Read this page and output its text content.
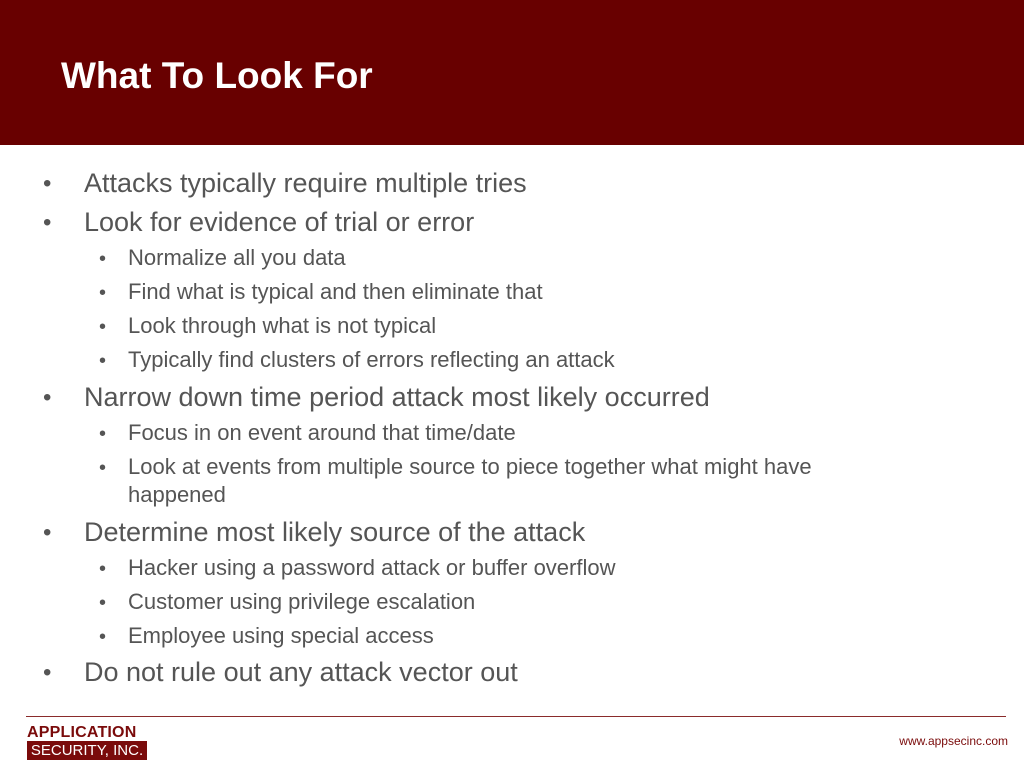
What To Look For
• Attacks typically require multiple tries
• Look for evidence of trial or error
• Normalize all you data
• Find what is typical and then eliminate that
• Look through what is not typical
• Typically find clusters of errors reflecting an attack
• Narrow down time period attack most likely occurred
• Focus in on event around that time/date
• Look at events from multiple source to piece together what might have
happened
• Determine most likely source of the attack
• Hacker using a password attack or buffer overflow
• Customer using privilege escalation
• Employee using special access
• Do not rule out any attack vector out
APPLICATION
SECURITY, INC.
www.appsecinc.com
